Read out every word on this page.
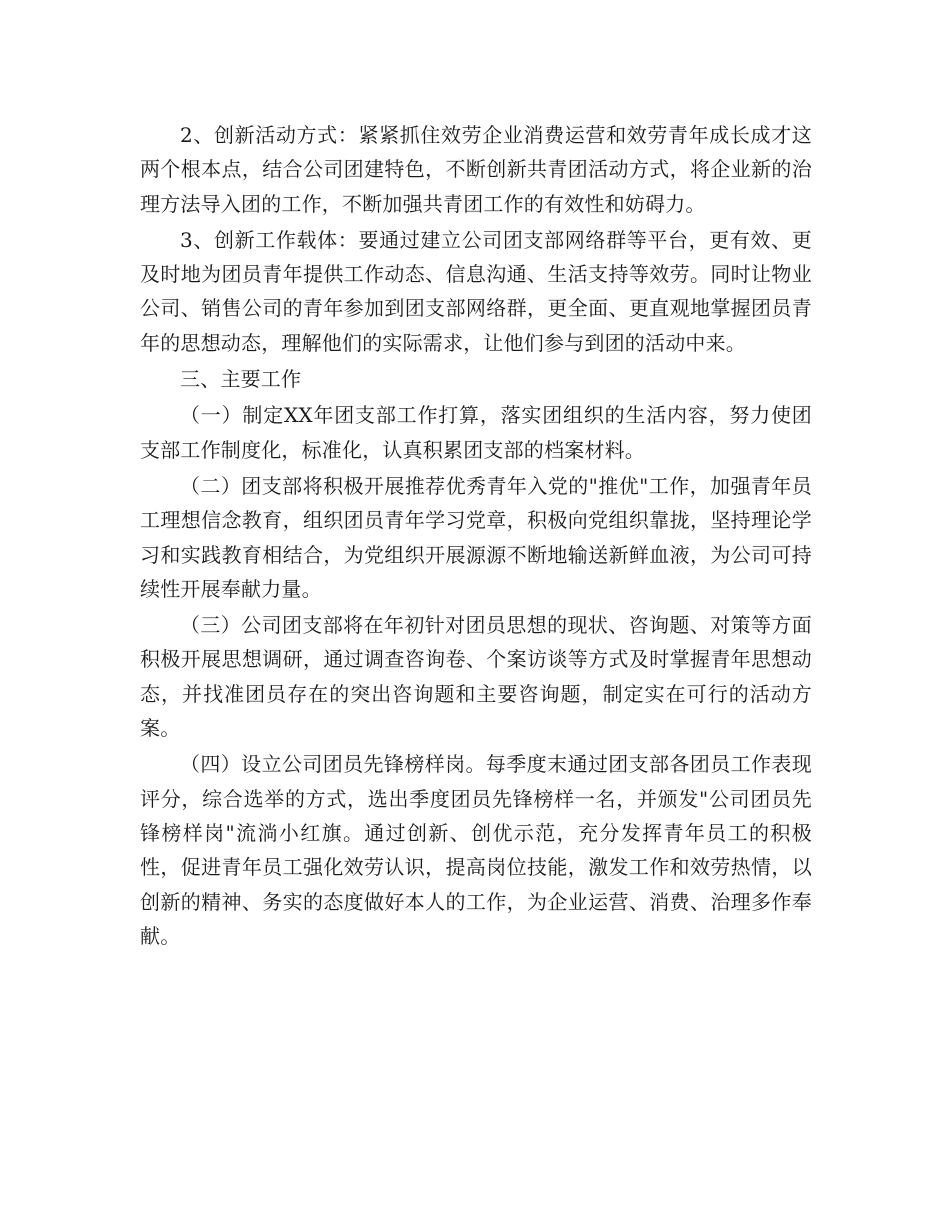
2、创新活动方式：紧紧抓住效劳企业消费运营和效劳青年成长成才这两个根本点，结合公司团建特色，不断创新共青团活动方式，将企业新的治理方法导入团的工作，不断加强共青团工作的有效性和妨碍力。

3、创新工作载体：要通过建立公司团支部网络群等平台，更有效、更及时地为团员青年提供工作动态、信息沟通、生活支持等效劳。同时让物业公司、销售公司的青年参加到团支部网络群，更全面、更直观地掌握团员青年的思想动态，理解他们的实际需求，让他们参与到团的活动中来。

三、主要工作

（一）制定XX年团支部工作打算，落实团组织的生活内容，努力使团支部工作制度化，标准化，认真积累团支部的档案材料。

（二）团支部将积极开展推荐优秀青年入党的"推优"工作，加强青年员工理想信念教育，组织团员青年学习党章，积极向党组织靠拢，坚持理论学习和实践教育相结合，为党组织开展源源不断地输送新鲜血液，为公司可持续性开展奉献力量。

（三）公司团支部将在年初针对团员思想的现状、咨询题、对策等方面积极开展思想调研，通过调查咨询卷、个案访谈等方式及时掌握青年思想动态，并找准团员存在的突出咨询题和主要咨询题，制定实在可行的活动方案。

（四）设立公司团员先锋榜样岗。每季度末通过团支部各团员工作表现评分，综合选举的方式，选出季度团员先锋榜样一名，并颁发"公司团员先锋榜样岗"流淌小红旗。通过创新、创优示范，充分发挥青年员工的积极性，促进青年员工强化效劳认识，提高岗位技能，激发工作和效劳热情，以创新的精神、务实的态度做好本人的工作，为企业运营、消费、治理多作奉献。
